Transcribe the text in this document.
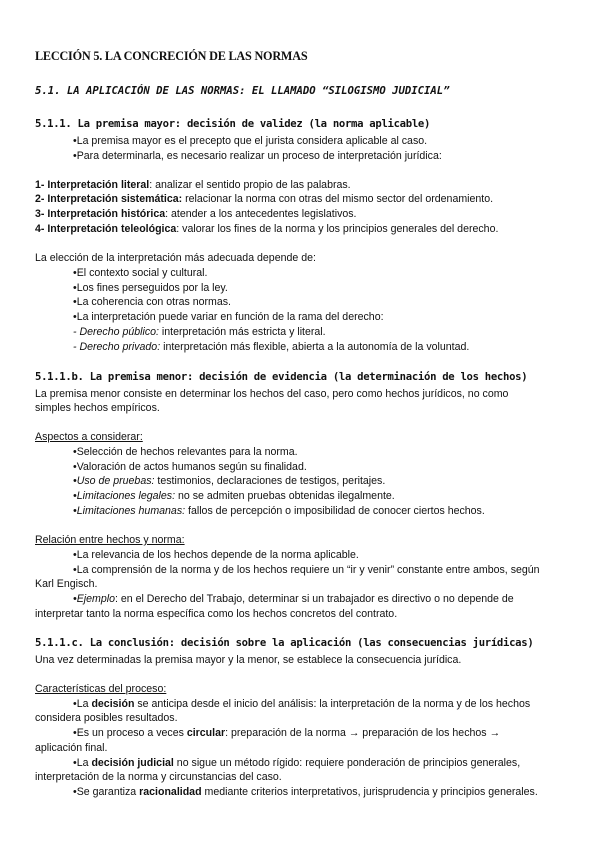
LECCIÓN 5. LA CONCRECIÓN DE LAS NORMAS
5.1. LA APLICACIÓN DE LAS NORMAS: EL LLAMADO “SILOGISMO JUDICIAL”
5.1.1. La premisa mayor: decisión de validez (la norma aplicable)
•La premisa mayor es el precepto que el jurista considera aplicable al caso.
•Para determinarla, es necesario realizar un proceso de interpretación jurídica:
1- Interpretación literal: analizar el sentido propio de las palabras.
2- Interpretación sistemática: relacionar la norma con otras del mismo sector del ordenamiento.
3- Interpretación histórica: atender a los antecedentes legislativos.
4- Interpretación teleológica: valorar los fines de la norma y los principios generales del derecho.
La elección de la interpretación más adecuada depende de:
•El contexto social y cultural.
•Los fines perseguidos por la ley.
•La coherencia con otras normas.
•La interpretación puede variar en función de la rama del derecho:
- Derecho público: interpretación más estricta y literal.
- Derecho privado: interpretación más flexible, abierta a la autonomía de la voluntad.
5.1.1.b. La premisa menor: decisión de evidencia (la determinación de los hechos)
La premisa menor consiste en determinar los hechos del caso, pero como hechos jurídicos, no como
simples hechos empíricos.
Aspectos a considerar:
•Selección de hechos relevantes para la norma.
•Valoración de actos humanos según su finalidad.
•Uso de pruebas: testimonios, declaraciones de testigos, peritajes.
•Limitaciones legales: no se admiten pruebas obtenidas ilegalmente.
•Limitaciones humanas: fallos de percepción o imposibilidad de conocer ciertos hechos.
Relación entre hechos y norma:
•La relevancia de los hechos depende de la norma aplicable.
•La comprensión de la norma y de los hechos requiere un “ir y venir” constante entre ambos, según
Karl Engisch.
•Ejemplo: en el Derecho del Trabajo, determinar si un trabajador es directivo o no depende de
interpretar tanto la norma específica como los hechos concretos del contrato.
5.1.1.c. La conclusión: decisión sobre la aplicación (las consecuencias jurídicas)
Una vez determinadas la premisa mayor y la menor, se establece la consecuencia jurídica.
Características del proceso:
•La decisión se anticipa desde el inicio del análisis: la interpretación de la norma y de los hechos
considera posibles resultados.
•Es un proceso a veces circular: preparación de la norma → preparación de los hechos →
aplicación final.
•La decisión judicial no sigue un método rígido: requiere ponderación de principios generales,
interpretación de la norma y circunstancias del caso.
•Se garantiza racionalidad mediante criterios interpretativos, jurisprudencia y principios generales.
